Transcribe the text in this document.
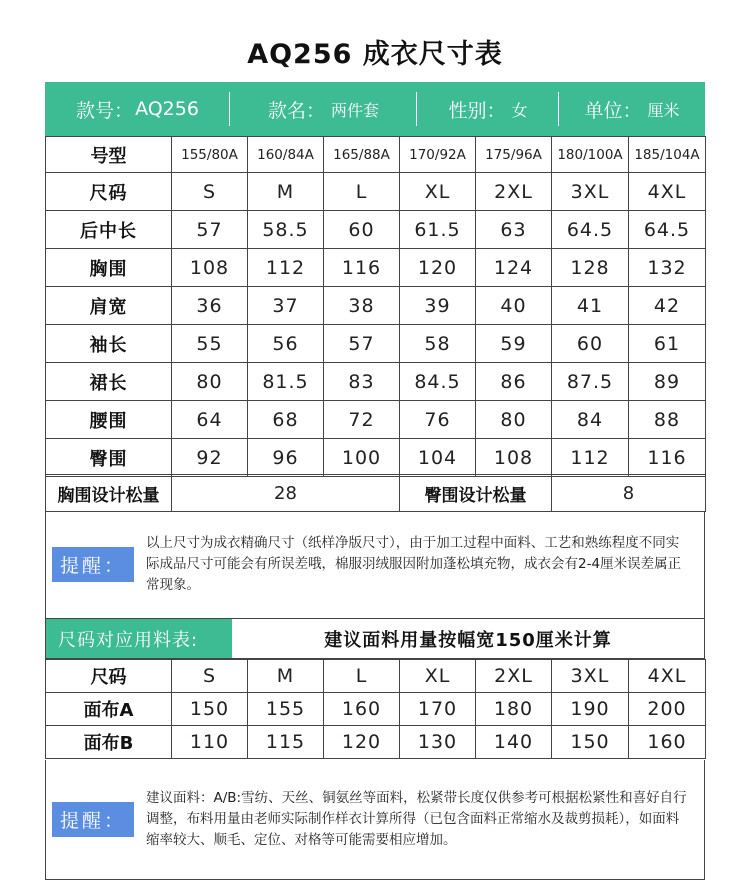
AQ256 成衣尺寸表
款号： AQ256	款名： 两件套	性别： 女	单位： 厘米
号型	155/80A	160/84A	165/88A	170/92A	175/96A	180/100A	185/104A
尺码	S	M	L	XL	2XL	3XL	4XL
后中长	57	58.5	60	61.5	63	64.5	64.5
胸围	108	112	116	120	124	128	132
肩宽	36	37	38	39	40	41	42
袖长	55	56	57	58	59	60	61
裙长	80	81.5	83	84.5	86	87.5	89
腰围	64	68	72	76	80	84	88
臀围	92	96	100	104	108	112	116
胸围设计松量	28	臀围设计松量	8
提醒：
以上尺寸为成衣精确尺寸（纸样净版尺寸），由于加工过程中面料、工艺和熟练程度不同实际成品尺寸可能会有所误差哦，棉服羽绒服因附加蓬松填充物，成衣会有2-4厘米误差属正常现象。
尺码对应用料表:	建议面料用量按幅宽150厘米计算
尺码	S	M	L	XL	2XL	3XL	4XL
面布A	150	155	160	170	180	190	200
面布B	110	115	120	130	140	150	160
提醒：
建议面料：A/B:雪纺、天丝、铜氨丝等面料，松紧带长度仅供参考可根据松紧性和喜好自行调整，布料用量由老师实际制作样衣计算所得（已包含面料正常缩水及裁剪损耗），如面料缩率较大、顺毛、定位、对格等可能需要相应增加。
